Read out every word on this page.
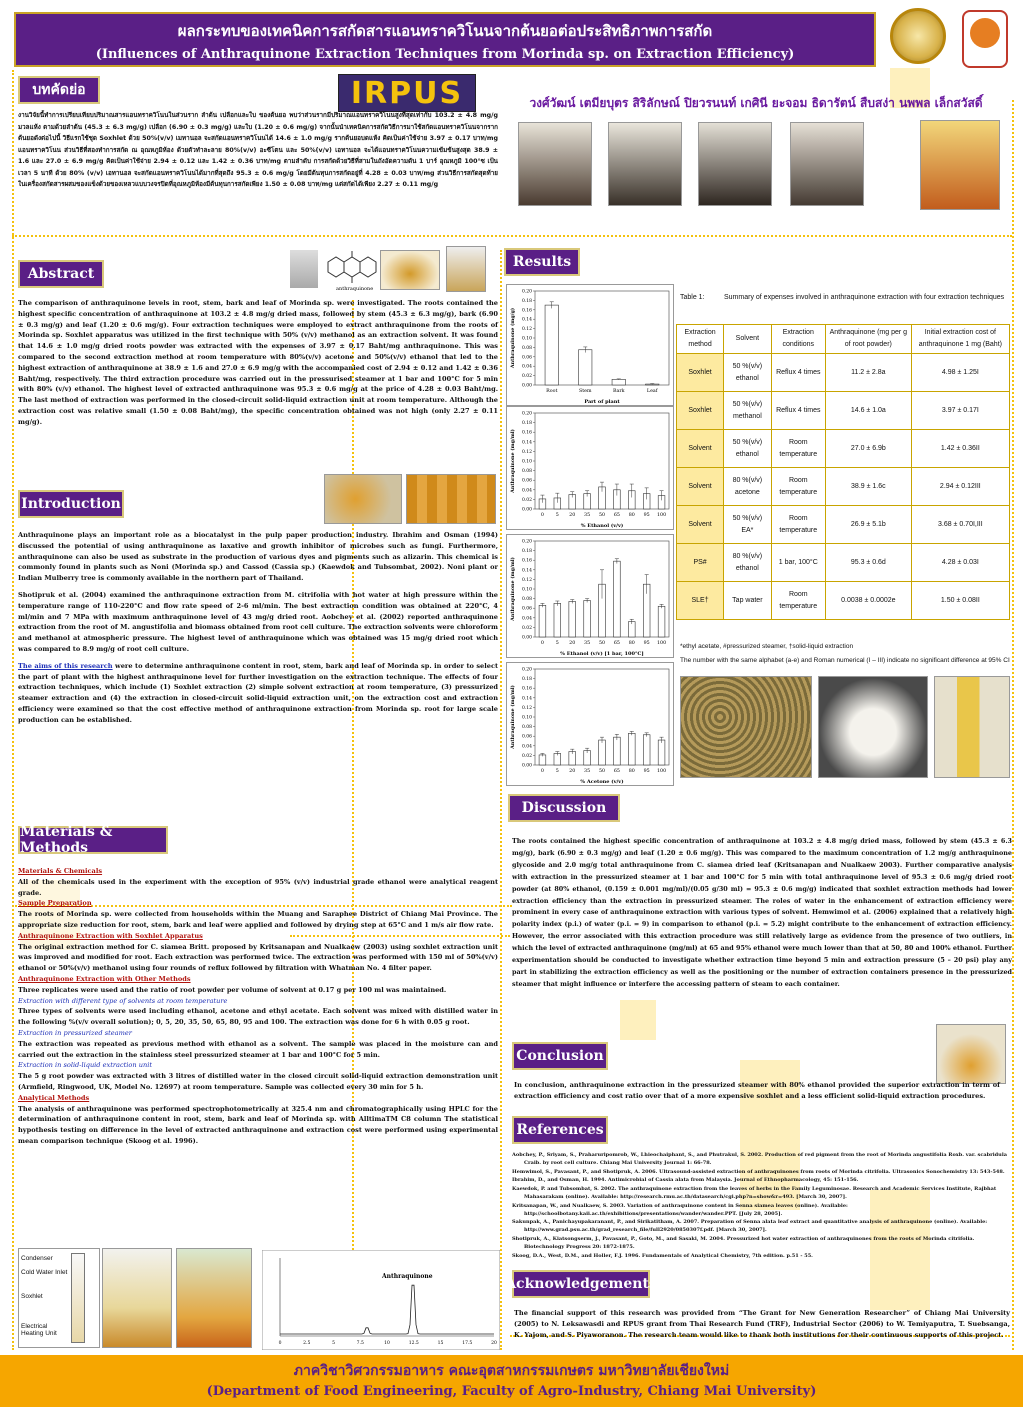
ผลกระทบของเทคนิคการสกัดสารแอนทราควิโนนจากต้นยอต่อประสิทธิภาพการสกัด
(Influences of Anthraquinone Extraction Techniques from Morinda sp. on Extraction Efficiency)
IRPUS	วงศ์วัฒน์ เตมียบุตร สิริลักษณ์ ปิยวรนนท์ เกศินี ยะจอม ธิดารัตน์ สืบสง่า นพพล เล็กสวัสดิ์
บทคัดย่อ
งานวิจัยนี้ทำการเปรียบเทียบปริมาณสารแอนทราควิโนนในส่วนราก ลำต้น เปลือกและใบ ของต้นยอ พบว่าส่วนรากมีปริมาณแอนทราควิโนนสูงที่สุดเท่ากับ 103.2 ± 4.8 mg/g มวลแห้ง ตามด้วยลำต้น (45.3 ± 6.3 mg/g) เปลือก (6.90 ± 0.3 mg/g) และใบ (1.20 ± 0.6 mg/g) จากนั้นนำเทคนิคการสกัดวิธีการมาใช้สกัดแอนทราควิโนนจากรากต้นยอดังต่อไปนี้ วิธีแรกใช้ชุด Soxhlet ด้วย 50%(v/v) เมทานอล จะสกัดแอนทราควิโนนได้ 14.6 ± 1.0 mg/g รากต้นยอบดแห้ง คิดเป็นค่าใช้จ่าย 3.97 ± 0.17 บาท/mg แอนทราควิโนน ส่วนวิธีที่สองทำการสกัด ณ อุณหภูมิห้อง ด้วยตัวทำละลาย 80%(v/v) อะซีโตน และ 50%(v/v) เอทานอล จะได้แอนทราควิโนนความเข้มข้นสูงสุด 38.9 ± 1.6 และ 27.0 ± 6.9 mg/g คิดเป็นค่าใช้จ่าย 2.94 ± 0.12 และ 1.42 ± 0.36 บาท/mg ตามลำดับ การสกัดด้วยวิธีที่สามในถังอัดความดัน 1 บาร์ อุณหภูมิ 100°ซ เป็นเวลา 5 นาที ด้วย 80% (v/v) เอทานอล จะสกัดแอนทราควิโนนได้มากที่สุดถึง 95.3 ± 0.6 mg/g โดยมีต้นทุนการสกัดอยู่ที่ 4.28 ± 0.03 บาท/mg ส่วนวิธีการสกัดสุดท้ายในเครื่องสกัดสารผสมของแข็งด้วยของเหลวแบบวงจรปิดที่อุณหภูมิห้องมีต้นทุนการสกัดเพียง 1.50 ± 0.08 บาท/mg แต่สกัดได้เพียง 2.27 ± 0.11 mg/g
Abstract
anthraquinone
The comparison of anthraquinone levels in root, stem, bark and leaf of Morinda sp. were investigated. The roots contained the highest specific concentration of anthraquinone at 103.2 ± 4.8 mg/g dried mass, followed by stem (45.3 ± 6.3 mg/g), bark (6.90 ± 0.3 mg/g) and leaf (1.20 ± 0.6 mg/g). Four extraction techniques were employed to extract anthraquinone from the roots of Morinda sp. Soxhlet apparatus was utilized in the first technique with 50% (v/v) methanol as an extraction solvent. It was found that 14.6 ± 1.0 mg/g dried roots powder was extracted with the expenses of 3.97 ± 0.17 Baht/mg anthraquinone. This was compared to the second extraction method at room temperature with 80%(v/v) acetone and 50%(v/v) ethanol that led to the highest extraction of anthraquinone at 38.9 ± 1.6 and 27.0 ± 6.9 mg/g with the accompanied cost of 2.94 ± 0.12 and 1.42 ± 0.36 Baht/mg, respectively. The third extraction procedure was carried out in the pressurised steamer at 1 bar and 100°C for 5 min with 80% (v/v) ethanol. The highest level of extracted anthraquinone was 95.3 ± 0.6 mg/g at the price of 4.28 ± 0.03 Baht/mg. The last method of extraction was performed in the closed-circuit solid-liquid extraction unit at room temperature. Although the extraction cost was relative small (1.50 ± 0.08 Baht/mg), the specific concentration obtained was not high (only 2.27 ± 0.11 mg/g).
Introduction

Anthraquinone plays an important role as a biocatalyst in the pulp paper production industry. Ibrahim and Osman (1994) discussed the potential of using anthraquinone as laxative and growth inhibitor of microbes such as fungi. Furthermore, anthraquinone can also be used as substrate in the production of various dyes and pigments such as alizarin. This chemical is commonly found in plants such as Noni (Morinda sp.) and Cassod (Cassia sp.) (Kaewdok and Tubsombat, 2002). Noni plant or Indian Mulberry tree is commonly available in the northern part of Thailand.

Shotipruk et al. (2004) examined the anthraquinone extraction from M. citrifolia with hot water at high pressure within the temperature range of 110-220°C and flow rate speed of 2-6 ml/min. The best extraction condition was obtained at 220°C, 4 ml/min and 7 MPa with maximum anthraquinone level of 43 mg/g dried root. Aobchey et al. (2002) reported anthraquinone extraction from the root of M. angustifolia and biomass obtained from root cell culture. The extraction solvents were chloroform and methanol at atmospheric pressure. The highest level of anthraquinone which was obtained was 15 mg/g dried root which was compared to 8.9 mg/g of root cell culture.

The aims of this research were to determine anthraquinone content in root, stem, bark and leaf of Morinda sp. in order to select the part of plant with the highest anthraquinone level for further investigation on the extraction technique. The effects of four extraction techniques, which include (1) Soxhlet extraction (2) simple solvent extraction at room temperature, (3) pressurized steamer extraction and (4) the extraction in closed-circuit solid-liquid extraction unit, on the extraction cost and extraction efficiency were examined so that the cost effective method of anthraquinone extraction from Morinda sp. root for large scale production can be established.

Materials & Methods
Materials & Chemicals
All of the chemicals used in the experiment with the exception of 95% (v/v) industrial grade ethanol were analytical reagent grade.
Sample Preparation
The roots of Morinda sp. were collected from households within the Muang and Saraphee District of Chiang Mai Province. The appropriate size reduction for root, stem, bark and leaf were applied and followed by drying step at 65°C and 1 m/s air flow rate.
Anthraquinone Extraction with Soxhlet Apparatus
The original extraction method for C. siamea Britt. proposed by Kritsanapan and Nualkaew (2003) using soxhlet extraction unit was improved and modified for root. Each extraction was performed twice. The extraction was performed with 150 ml of 50%(v/v) ethanol or 50%(v/v) methanol using four rounds of reflux followed by filtration with Whatman No. 4 filter paper.
Anthraquinone Extraction with Other Methods
Three replicates were used and the ratio of root powder per volume of solvent at 0.17 g per 100 ml was maintained.
Extraction with different type of solvents at room temperature
Three types of solvents were used including ethanol, acetone and ethyl acetate. Each solvent was mixed with distilled water in the following %(v/v overall solution); 0, 5, 20, 35, 50, 65, 80, 95 and 100. The extraction was done for 6 h with 0.05 g root.
Extraction in pressurized steamer
The extraction was repeated as previous method with ethanol as a solvent. The sample was placed in the moisture can and carried out the extraction in the stainless steel pressurized steamer at 1 bar and 100°C for 5 min.
Extraction in solid-liquid extraction unit
The 5 g root powder was extracted with 3 litres of distilled water in the closed circuit solid-liquid extraction demonstration unit (Armfield, Ringwood, UK, Model No. 12697) at room temperature. Sample was collected every 30 min for 5 h.
Analytical Methods
The analysis of anthraquinone was performed spectrophotometrically at 325.4 nm and chromatographically using HPLC for the determination of anthraquinone content in root, stem, bark and leaf of Morinda sp. with AlltimaTM C8 column The statistical hypothesis testing on difference in the level of extracted anthraquinone and extraction cost were performed using experimental mean comparison technique (Skoog et al. 1996).
Condenser
Cold Water Inlet
Soxhlet
Electrical Heating Unit
Anthraquinone
0	2.5	5	7.5	10	12.5	15	17.5	20
Results
0.00
0.02
0.04
0.06
0.08
0.10
0.12
0.14
0.16
0.18
0.20
Root	Stem	Bark	Leaf
Part of plant
Anthraquinone (mg/g)
0.00
0.02
0.04
0.06
0.08
0.10
0.12
0.14
0.16
0.18
0.20
0 5 20 35 50 65 80 95 100
% Ethanol (v/v)
Anthraquinone (mg/ml)
0.00
0.02
0.04
0.06
0.08
0.10
0.12
0.14
0.16
0.18
0.20
0 5 20 35 50 65 80 95 100
% Ethanol (v/v) [1 bar, 100°C]
Anthraquinone (mg/ml)
0.00
0.02
0.04
0.06
0.08
0.10
0.12
0.14
0.16
0.18
0.20
0 5 20 35 50 65 80 95 100
% Acetone (v/v)
Anthraquinone (mg/ml)
Table 1:	Summary of expenses involved in anthraquinone extraction with four extraction techniques
Extraction method	Solvent	Extraction conditions	Anthraquinone (mg per g of root powder)	Initial extraction cost of anthraquinone 1 mg (Baht)
Soxhlet	50 %(v/v) ethanol	Reflux 4 times	11.2 ± 2.8a	4.98 ± 1.25I
Soxhlet	50 %(v/v) methanol	Reflux 4 times	14.6 ± 1.0a	3.97 ± 0.17I
Solvent	50 %(v/v) ethanol	Room temperature	27.0 ± 6.9b	1.42 ± 0.36II
Solvent	80 %(v/v) acetone	Room temperature	38.9 ± 1.6c	2.94 ± 0.12III
Solvent	50 %(v/v) EA*	Room temperature	26.9 ± 5.1b	3.68 ± 0.70I,III
PS#	80 %(v/v) ethanol	1 bar, 100°C	95.3 ± 0.6d	4.28 ± 0.03I
SLE†	Tap water	Room temperature	0.0038 ± 0.0002e	1.50 ± 0.08II
*ethyl acetate, #pressurized steamer, †solid-liquid extraction
The number with the same alphabet (a-e) and Roman numerical (I – III) indicate no significant difference at 95% CI
Discussion
The roots contained the highest specific concentration of anthraquinone at 103.2 ± 4.8 mg/g dried mass, followed by stem (45.3 ± 6.3 mg/g), bark (6.90 ± 0.3 mg/g) and leaf (1.20 ± 0.6 mg/g). This was compared to the maximum concentration of 1.2 mg/g anthraquinone glycoside and 2.0 mg/g total anthraquinone from C. siamea dried leaf (Kritsanapan and Nualkaew 2003). Further comparative analysis with extraction in the pressurized steamer at 1 bar and 100°C for 5 min with total anthraquinone level of 95.3 ± 0.6 mg/g dried root powder (at 80% ethanol, (0.159 ± 0.001 mg/ml)/(0.05 g/30 ml) = 95.3 ± 0.6 mg/g) indicated that soxhlet extraction methods had lower extraction efficiency than the extraction in pressurized steamer. The roles of water in the enhancement of extraction efficiency were prominent in every case of anthraquinone extraction with various types of solvent. Hemwimol et al. (2006) explained that a relatively high polarity index (p.i.) of water (p.i. = 9) in comparison to ethanol (p.i. = 5.2) might contribute to the enhancement of extraction efficiency. However, the error associated with this extraction procedure was still relatively large as evidence from the presence of two outliers, in which the level of extracted anthraquinone (mg/ml) at 65 and 95% ethanol were much lower than that at 50, 80 and 100% ethanol. Further experimentation should be conducted to investigate whether extraction time beyond 5 min and extraction pressure (5 – 20 psi) play any part in stabilizing the extraction efficiency as well as the positioning or the number of extraction containers presence in the pressurized steamer that might influence or interfere the accessing pattern of steam to each container.
Conclusion
In conclusion, anthraquinone extraction in the pressurized steamer with 80% ethanol provided the superior extraction in term of extraction efficiency and cost ratio over that of a more expensive soxhlet and a less efficient solid-liquid extraction procedures.
References
Aobchey, P., Sriyam, S., Praharuripomrob, W., Lhieochaiphant, S., and Phutrakul, S. 2002. Production of red pigment from the root of Morinda angustifolia Roxb. var. scabridula Craib. by root cell culture. Chiang Mai University Journal 1: 66-78.
Hemwimol, S., Pavasant, P., and Shotipruk, A. 2006. Ultrasound-assisted extraction of anthraquinones from roots of Morinda citrifolia. Ultrasonics Sonochemistry 13: 543-548.
Ibrahim, D., and Osman, H. 1994. Antimicrobial of Cassia alata from Malaysia. Journal of Ethnopharmacology, 45: 151-156.
Kaewdok, P. and Tubsombat, S. 2002. The anthraquinone extraction from the leaves of herbs in the Family Leguminosae. Research and Academic Services Institute, Rajbhat Mahasarakam (online). Available: http://research.rmu.ac.th/datasearch/cgi.php?n=show&r=493. [March 30, 2007].
Kritsanapan, W., and Nualkaew, S. 2003. Variation of anthraquinone content in Senna siamea leaves (online). Available: http://schoolbotany.kaii.ac.th/exhibitions/presentations/wander/wander.PPT. [July 28, 2005].
Sakunpak, A., Panichayupakaranant, P., and Sirikatitham, A. 2007. Preparation of Senna alata leaf extract and quantitative analysis of anthraquinone (online). Available: http://www.grad.psu.ac.th/grad_research_file/full2920/0850307f.pdf. [March 30, 2007].
Shotipruk, A., Kiatsongserm, J., Pavasant, P., Goto, M., and Sasaki, M. 2004. Pressurized hot water extraction of anthraquinones from the roots of Morinda citrifolia. Biotechnology Progress 20: 1872-1875.
Skoog, D.A., West, D.M., and Holler, F.J. 1996. Fundamentals of Analytical Chemistry, 7th edition. p.51 - 55.
Acknowledgements
The financial support of this research was provided from “The Grant for New Generation Researcher” of Chiang Mai University (2005) to N. Leksawasdi and RPUS grant from Thai Research Fund (TRF), Industrial Sector (2006) to W. Temiyaputra, T. Suebsanga, K. Yajom, and S. Piyaworanon. The research team would like to thank both institutions for their continuous supports of this project.
ภาควิชาวิศวกรรมอาหาร คณะอุตสาหกรรมเกษตร มหาวิทยาลัยเชียงใหม่
(Department of Food Engineering, Faculty of Agro-Industry, Chiang Mai University)
